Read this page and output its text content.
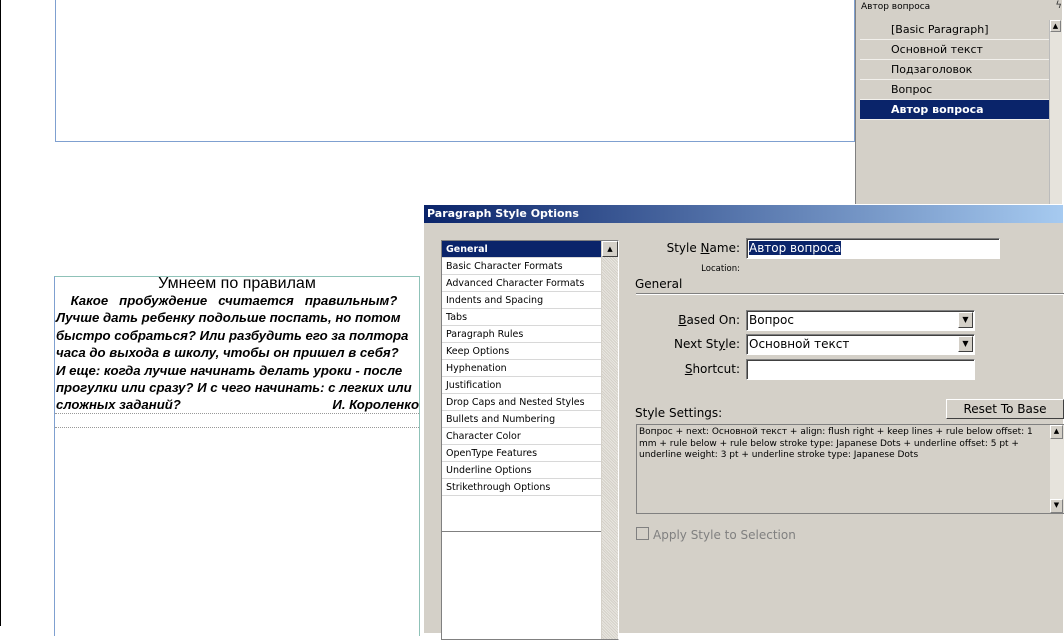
Умнеем по правилам
Какое   пробуждение   считается   правильным?
Лучше дать ребенку подольше поспать, но потом
быстро собраться? Или разбудить его за полтора
часа до выхода в школу, чтобы он пришел в себя?
И еще: когда лучше начинать делать уроки - после
прогулки или сразу? И с чего начинать: с легких или
сложных заданий?	И. Короленко
Автор вопроса	ϟ
[Basic Paragraph]
Основной текст
Подзаголовок
Вопрос
Автор вопроса
▲
Paragraph Style Options
General
Basic Character Formats
Advanced Character Formats
Indents and Spacing
Tabs
Paragraph Rules
Keep Options
Hyphenation
Justification
Drop Caps and Nested Styles
Bullets and Numbering
Character Color
OpenType Features
Underline Options
Strikethrough Options
▲	Style Name: Автор вопроса
Location:
General
Based On: Вопрос	▼
Next Style: Основной текст	▼
Shortcut:
Style Settings:	Reset To Base
Вопрос + next: Основной текст + align: flush right + keep lines + rule below offset: 1 mm + rule below + rule below stroke type: Japanese Dots + underline offset: 5 pt + underline weight: 3 pt + underline stroke type: Japanese Dots
▲
▼
Apply Style to Selection
